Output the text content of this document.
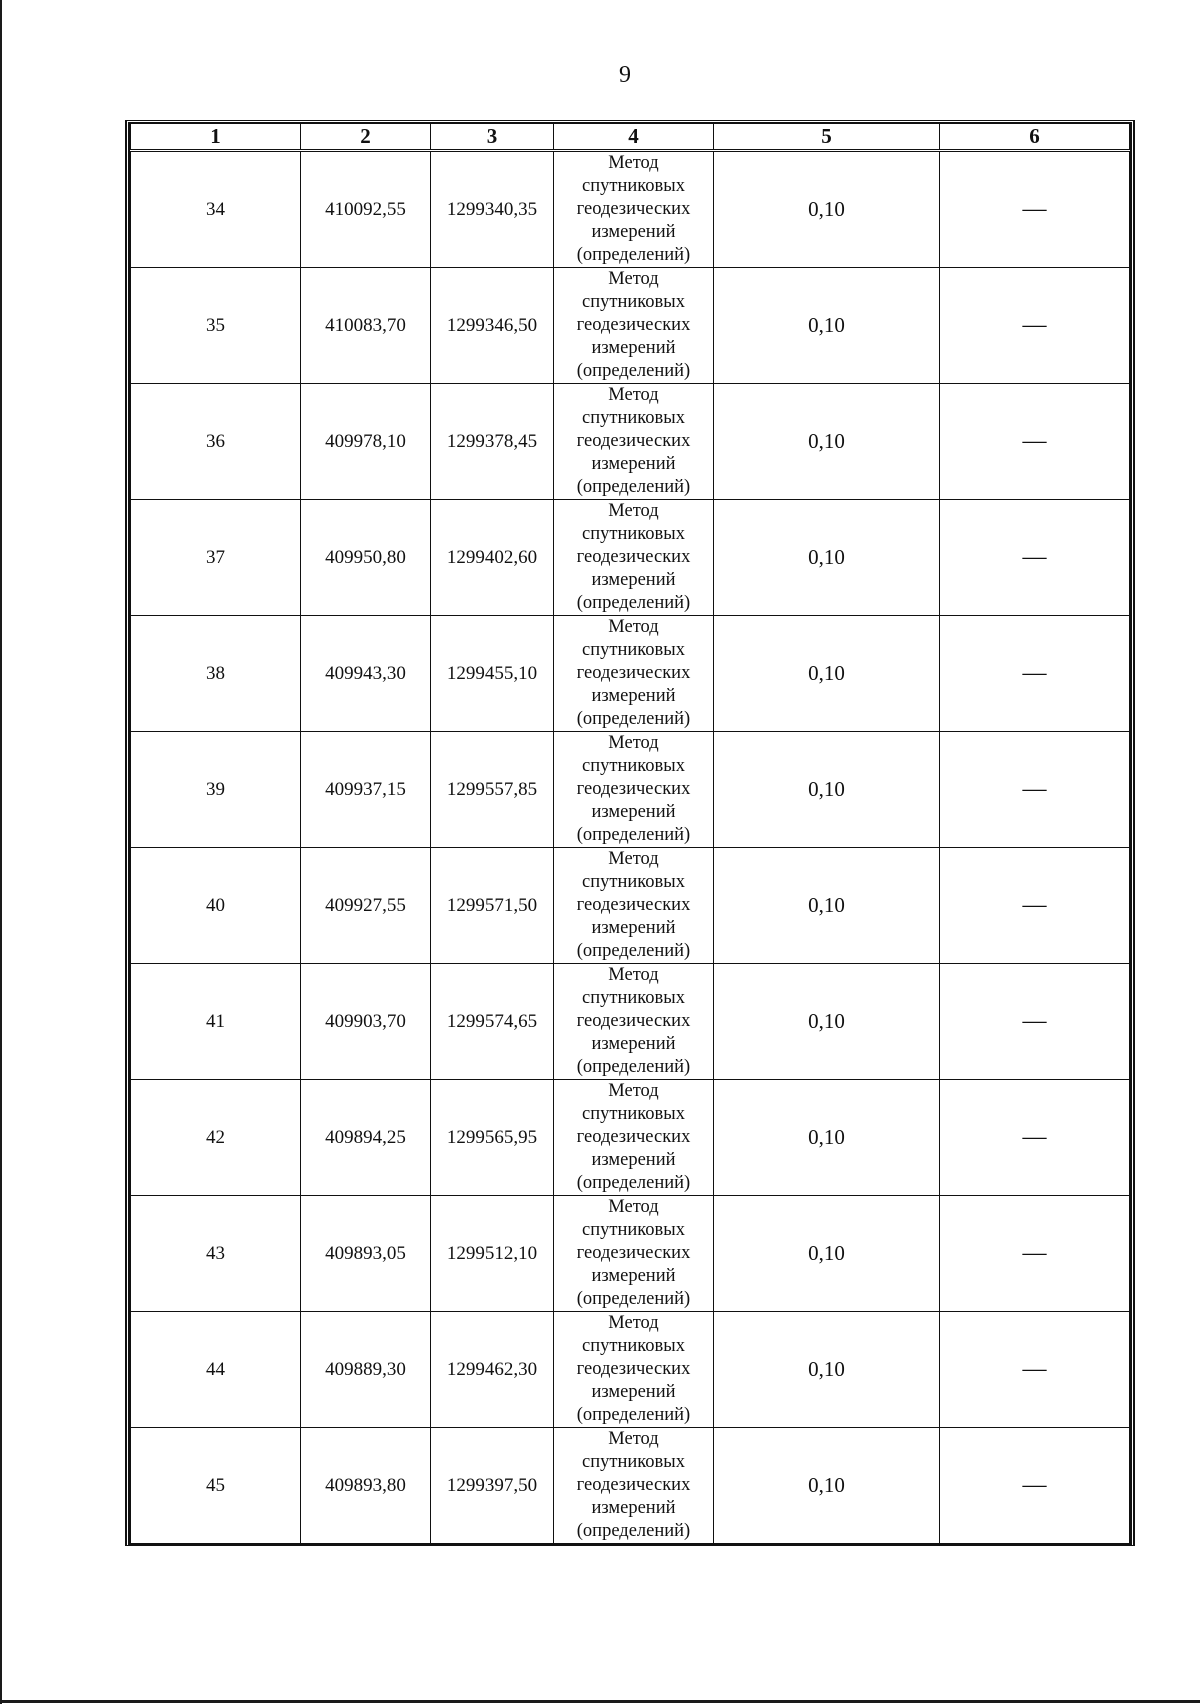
9
1	2	3	4	5	6
34	410092,55	1299340,35	Метод
спутниковых
геодезических
измерений
(определений)	0,10	—
35	410083,70	1299346,50	Метод
спутниковых
геодезических
измерений
(определений)	0,10	—
36	409978,10	1299378,45	Метод
спутниковых
геодезических
измерений
(определений)	0,10	—
37	409950,80	1299402,60	Метод
спутниковых
геодезических
измерений
(определений)	0,10	—
38	409943,30	1299455,10	Метод
спутниковых
геодезических
измерений
(определений)	0,10	—
39	409937,15	1299557,85	Метод
спутниковых
геодезических
измерений
(определений)	0,10	—
40	409927,55	1299571,50	Метод
спутниковых
геодезических
измерений
(определений)	0,10	—
41	409903,70	1299574,65	Метод
спутниковых
геодезических
измерений
(определений)	0,10	—
42	409894,25	1299565,95	Метод
спутниковых
геодезических
измерений
(определений)	0,10	—
43	409893,05	1299512,10	Метод
спутниковых
геодезических
измерений
(определений)	0,10	—
44	409889,30	1299462,30	Метод
спутниковых
геодезических
измерений
(определений)	0,10	—
45	409893,80	1299397,50	Метод
спутниковых
геодезических
измерений
(определений)	0,10	—
